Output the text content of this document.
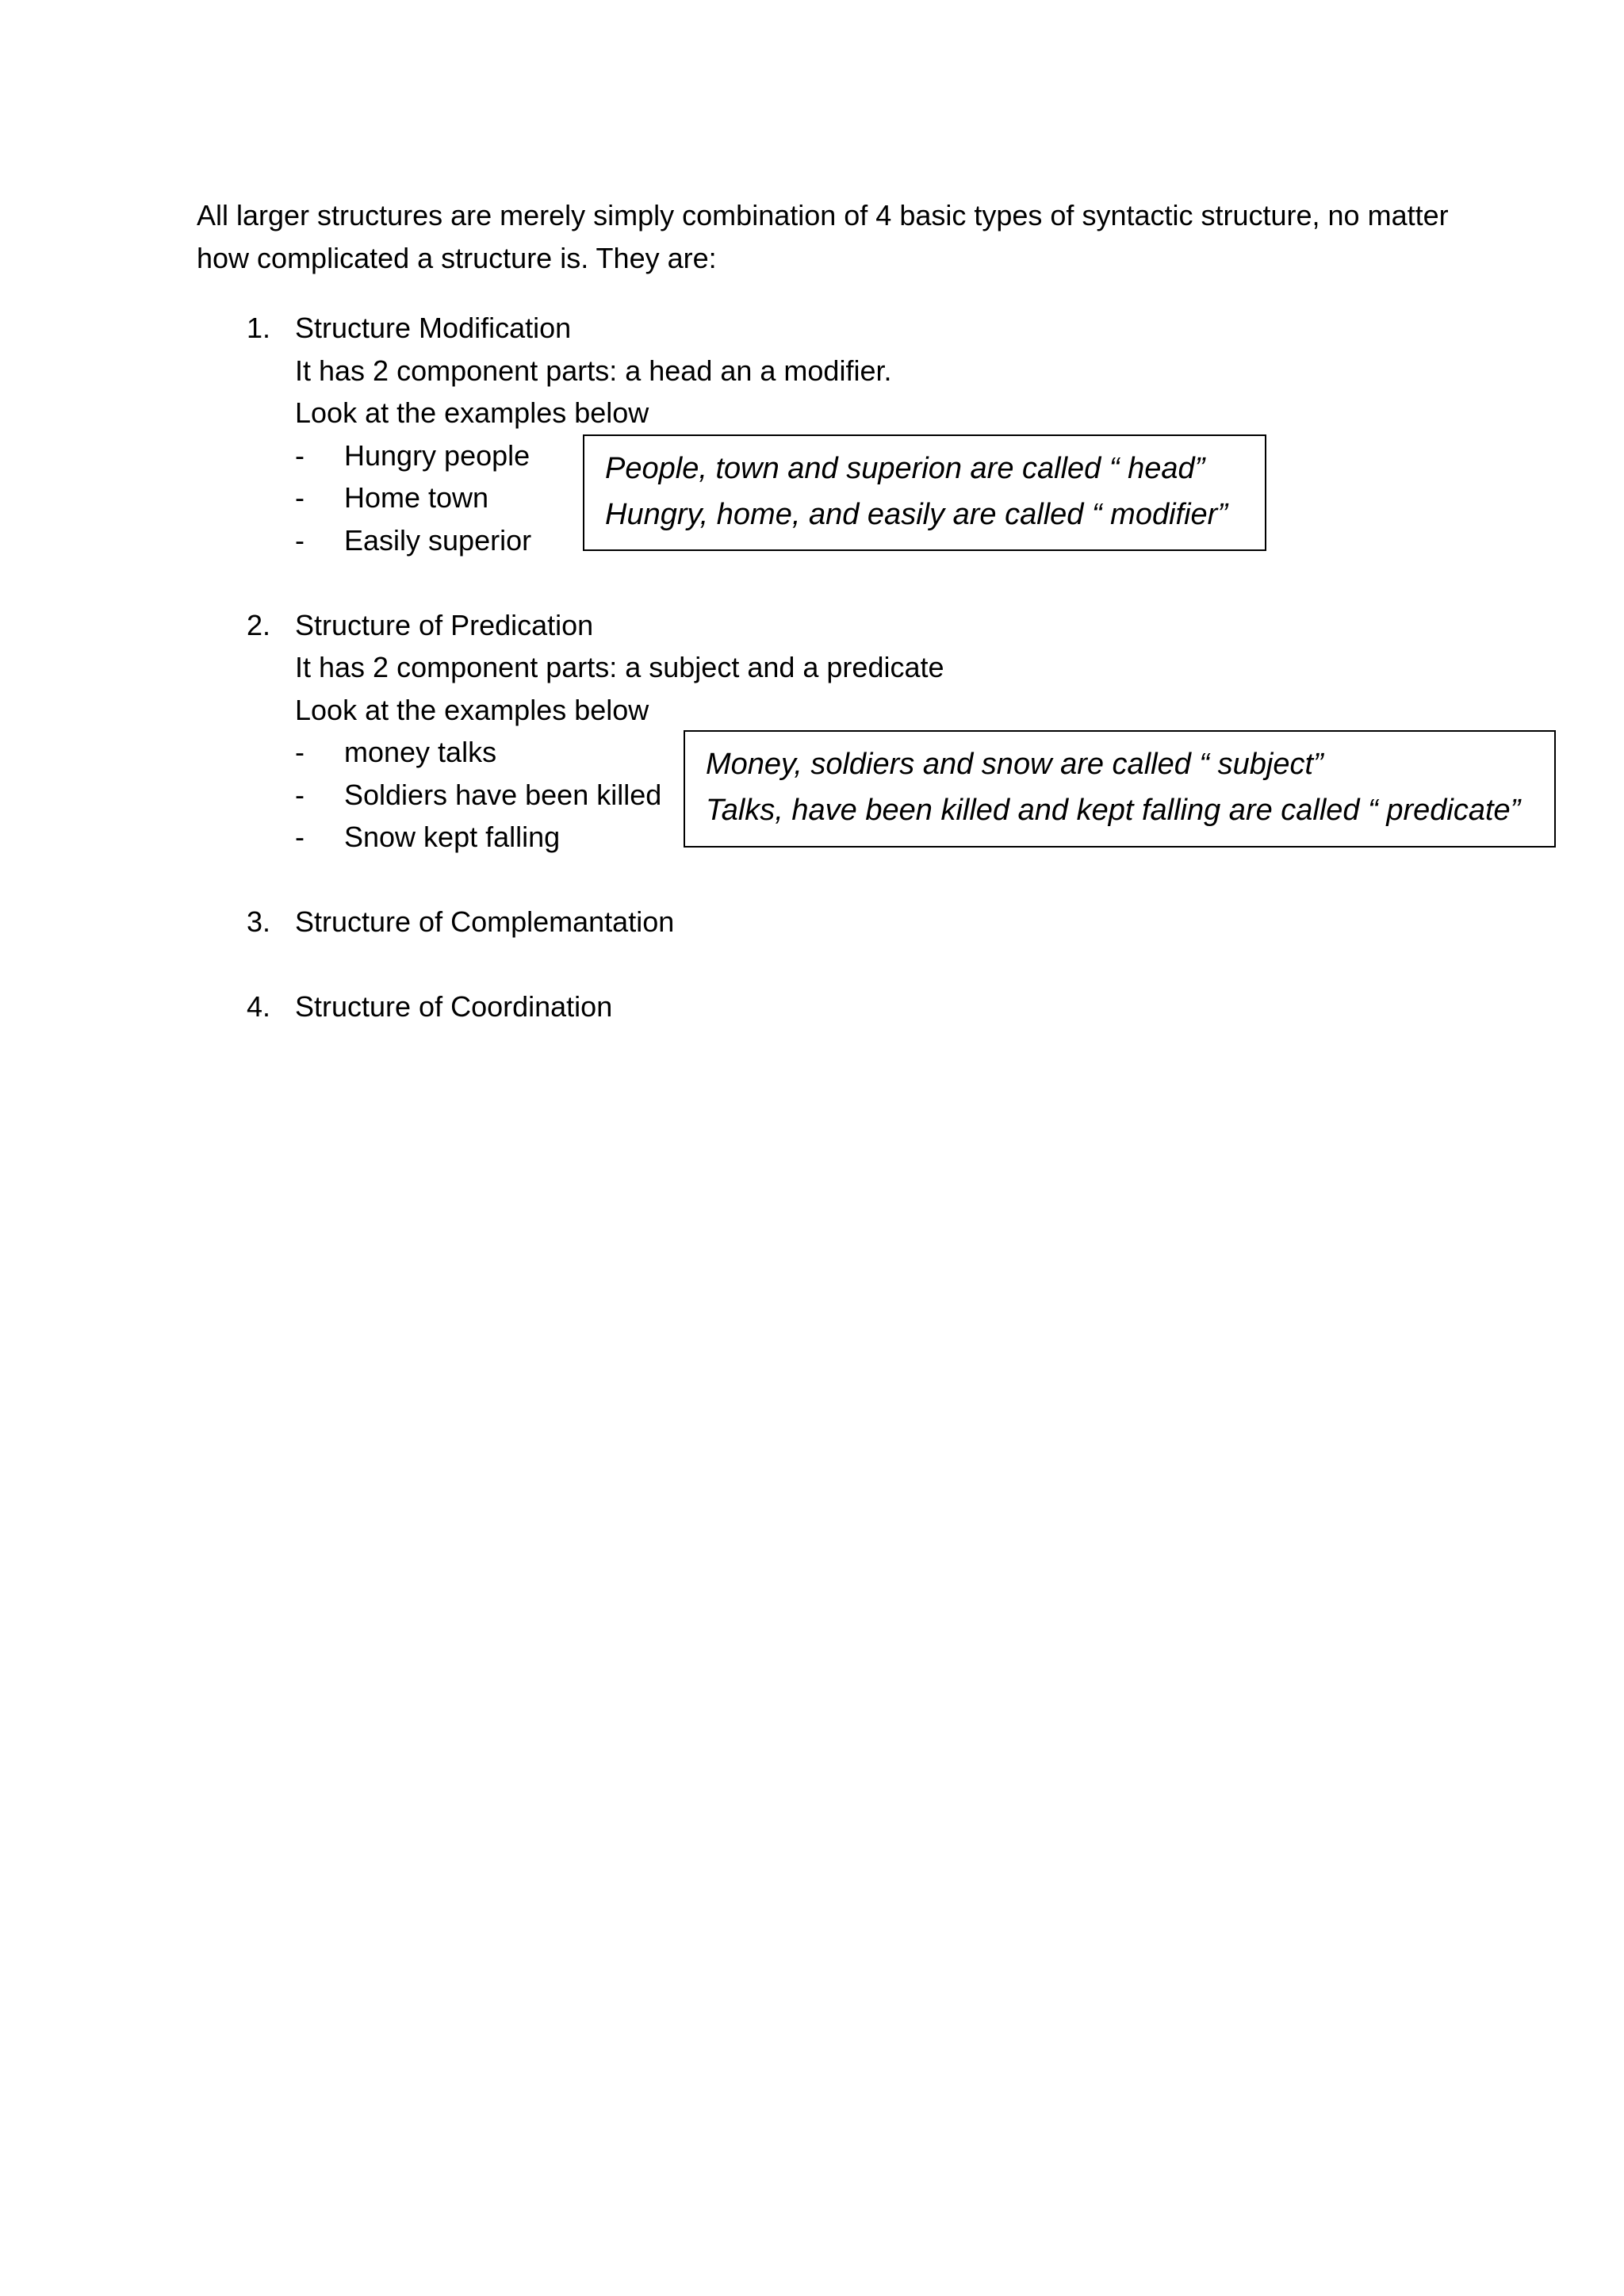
All larger structures are merely simply combination of 4 basic types of syntactic structure, no matter
how complicated a structure is. They are:
1. Structure Modification
It has 2 component parts: a head an a modifier.
Look at the examples below
- Hungry people
- Home town
- Easily superior
People, town and superion are called “ head”
Hungry, home, and easily are called “ modifier”
2. Structure of Predication
It has 2 component parts: a subject and a predicate
Look at the examples below
- money talks
- Soldiers have been killed
- Snow kept falling
Money, soldiers and snow are called “ subject”
Talks, have been killed and kept falling are called “ predicate”
3. Structure of Complemantation
4. Structure of Coordination
